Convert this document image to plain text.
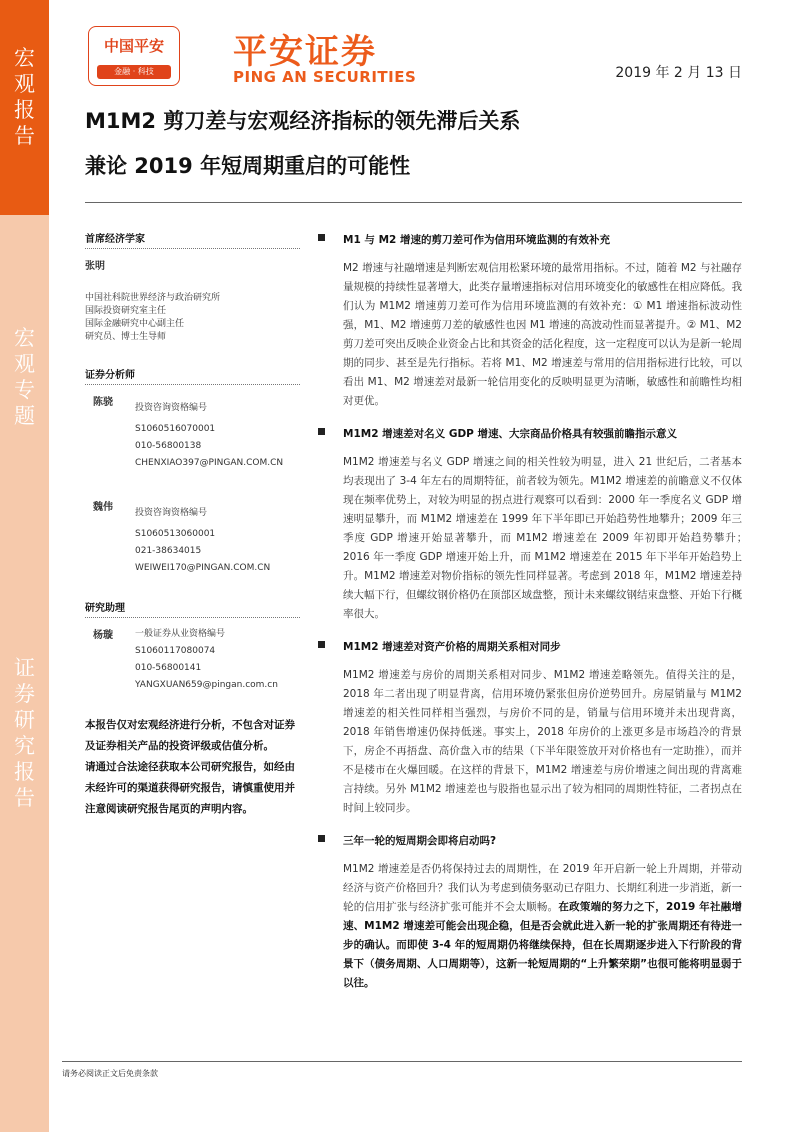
宏
观
报
告
宏
观
专
题
证
券
研
究
报
告
中国平安
金融 · 科技	平安证券
PING AN SECURITIES	2019 年 2 月 13 日
M1M2 剪刀差与宏观经济指标的领先滞后关系
兼论 2019 年短周期重启的可能性
首席经济学家
张明
中国社科院世界经济与政治研究所
国际投资研究室主任
国际金融研究中心副主任
研究员、博士生导师
证券分析师
陈骁 投资咨询资格编号
S1060516070001
010-56800138
CHENXIAO397@PINGAN.COM.CN
魏伟 投资咨询资格编号
S1060513060001
021-38634015
WEIWEI170@PINGAN.COM.CN
研究助理
杨璇 一般证券从业资格编号
S1060117080074
010-56800141
YANGXUAN659@pingan.com.cn
本报告仅对宏观经济进行分析，不包含对证券及证券相关产品的投资评级或估值分析。
请通过合法途径获取本公司研究报告，如经由未经许可的渠道获得研究报告，请慎重使用并注意阅读研究报告尾页的声明内容。
M1 与 M2 增速的剪刀差可作为信用环境监测的有效补充
M2 增速与社融增速是判断宏观信用松紧环境的最常用指标。不过，随着 M2 与社融存量规模的持续性显著增大，此类存量增速指标对信用环境变化的敏感性在相应降低。我们认为 M1M2 增速剪刀差可作为信用环境监测的有效补充：① M1 增速指标波动性强，M1、M2 增速剪刀差的敏感性也因 M1 增速的高波动性而显著提升。② M1、M2 剪刀差可突出反映企业资金占比和其资金的活化程度，这一定程度可以认为是新一轮周期的同步、甚至是先行指标。若将 M1、M2 增速差与常用的信用指标进行比较，可以看出 M1、M2 增速差对最新一轮信用变化的反映明显更为清晰，敏感性和前瞻性均相对更优。
M1M2 增速差对名义 GDP 增速、大宗商品价格具有较强前瞻指示意义
M1M2 增速差与名义 GDP 增速之间的相关性较为明显，进入 21 世纪后，二者基本均表现出了 3-4 年左右的周期特征，前者较为领先。M1M2 增速差的前瞻意义不仅体现在频率优势上，对较为明显的拐点进行观察可以看到：2000 年一季度名义 GDP 增速明显攀升，而 M1M2 增速差在 1999 年下半年即已开始趋势性地攀升；2009 年三季度 GDP 增速开始显著攀升，而 M1M2 增速差在 2009 年初即开始趋势攀升；　2016 年一季度 GDP 增速开始上升，而 M1M2 增速差在 2015 年下半年开始趋势上升。M1M2 增速差对物价指标的领先性同样显著。考虑到 2018 年，M1M2 增速差持续大幅下行，但螺纹钢价格仍在顶部区域盘整，预计未来螺纹钢结束盘整、开始下行概率很大。
M1M2 增速差对资产价格的周期关系相对同步
M1M2 增速差与房价的周期关系相对同步、M1M2 增速差略领先。值得关注的是，2018 年二者出现了明显背离，信用环境仍紧张但房价逆势回升。房屋销量与 M1M2 增速差的相关性同样相当强烈，与房价不同的是，销量与信用环境并未出现背离，2018 年销售增速仍保持低迷。事实上，2018 年房价的上涨更多是市场趋冷的背景下，房企不再捂盘、高价盘入市的结果（下半年限签放开对价格也有一定助推），而并不是楼市在火爆回暖。在这样的背景下，M1M2 增速差与房价增速之间出现的背离难言持续。另外 M1M2 增速差也与股指也显示出了较为相同的周期性特征，二者拐点在时间上较同步。
三年一轮的短周期会即将启动吗?
M1M2 增速差是否仍将保持过去的周期性，在 2019 年开启新一轮上升周期，并带动经济与资产价格回升？我们认为考虑到债务驱动已存阻力、长期红利进一步消逝，新一轮的信用扩张与经济扩张可能并不会太顺畅。在政策端的努力之下，2019 年社融增速、M1M2 增速差可能会出现企稳，但是否会就此进入新一轮的扩张周期还有待进一步的确认。而即使 3-4 年的短周期仍将继续保持，但在长周期逐步进入下行阶段的背景下（债务周期、人口周期等），这新一轮短周期的“上升繁荣期”也很可能将明显弱于以往。
请务必阅读正文后免责条款
